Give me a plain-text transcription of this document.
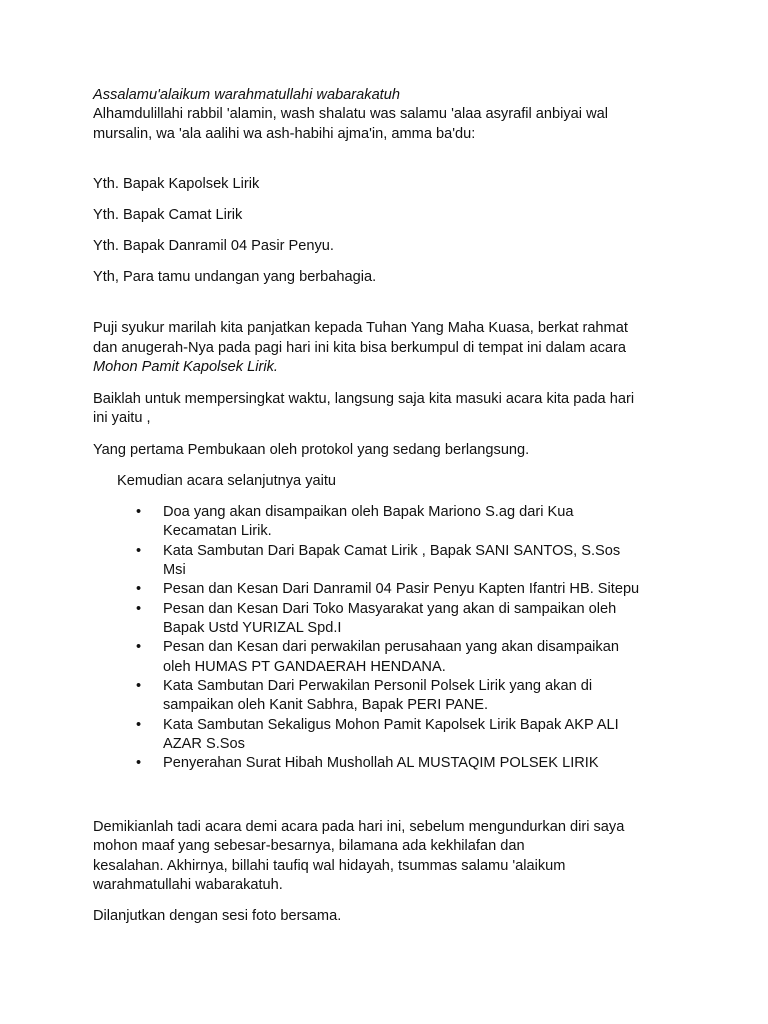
Assalamu'alaikum warahmatullahi wabarakatuh

Alhamdulillahi rabbil 'alamin, wash shalatu was salamu 'alaa asyrafil anbiyai wal

mursalin, wa 'ala aalihi wa ash-habihi ajma'in, amma ba'du:

Yth. Bapak Kapolsek Lirik

Yth. Bapak Camat Lirik

Yth. Bapak Danramil 04 Pasir Penyu.

Yth, Para tamu undangan yang berbahagia.

Puji syukur marilah kita panjatkan kepada Tuhan Yang Maha Kuasa, berkat rahmat

dan anugerah-Nya pada pagi hari ini kita bisa berkumpul di tempat ini dalam acara

Mohon Pamit Kapolsek Lirik.

Baiklah untuk mempersingkat waktu, langsung saja kita masuki acara kita pada hari

ini yaitu ,

Yang pertama Pembukaan oleh protokol yang sedang berlangsung.

Kemudian acara selanjutnya yaitu

•	Doa yang akan disampaikan oleh Bapak Mariono S.ag dari Kua

Kecamatan Lirik.

•	Kata Sambutan Dari Bapak Camat Lirik , Bapak SANI SANTOS, S.Sos

Msi

•	Pesan dan Kesan Dari Danramil 04 Pasir Penyu Kapten Ifantri HB. Sitepu

•	Pesan dan Kesan Dari Toko Masyarakat yang akan di sampaikan oleh

Bapak Ustd YURIZAL Spd.I

•	Pesan dan Kesan dari perwakilan perusahaan yang akan disampaikan

oleh HUMAS PT GANDAERAH HENDANA.

•	Kata Sambutan Dari Perwakilan Personil Polsek Lirik yang akan di

sampaikan oleh Kanit Sabhra, Bapak PERI PANE.

•	Kata Sambutan Sekaligus Mohon Pamit Kapolsek Lirik Bapak AKP ALI

AZAR S.Sos

•	Penyerahan Surat Hibah Mushollah AL MUSTAQIM POLSEK LIRIK

Demikianlah tadi acara demi acara pada hari ini, sebelum mengundurkan diri saya

mohon maaf yang sebesar-besarnya, bilamana ada kekhilafan dan

kesalahan. Akhirnya, billahi taufiq wal hidayah, tsummas salamu 'alaikum

warahmatullahi wabarakatuh.

Dilanjutkan dengan sesi foto bersama.
